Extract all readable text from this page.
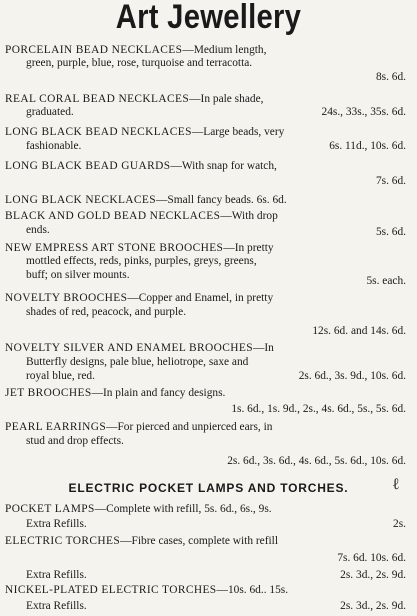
Art Jewellery
PORCELAIN BEAD NECKLACES—Medium length,
green, purple, blue, rose, turquoise and terracotta.
8s. 6d.
REAL CORAL BEAD NECKLACES—In pale shade,
graduated.	24s., 33s., 35s. 6d.
LONG BLACK BEAD NECKLACES—Large beads, very
fashionable.	6s. 11d., 10s. 6d.
LONG BLACK BEAD GUARDS—With snap for watch,
7s. 6d.
LONG BLACK NECKLACES—Small fancy beads. 6s. 6d.
BLACK AND GOLD BEAD NECKLACES—With drop
ends.	5s. 6d.
NEW EMPRESS ART STONE BROOCHES—In pretty
mottled effects, reds, pinks, purples, greys, greens,
buff; on silver mounts.	5s. each.
NOVELTY BROOCHES—Copper and Enamel, in pretty
shades of red, peacock, and purple.
12s. 6d. and 14s. 6d.
NOVELTY SILVER AND ENAMEL BROOCHES—In
Butterfly designs, pale blue, heliotrope, saxe and
royal blue, red.	2s. 6d., 3s. 9d., 10s. 6d.
JET BROOCHES—In plain and fancy designs.
1s. 6d., 1s. 9d., 2s., 4s. 6d., 5s., 5s. 6d.
PEARL EARRINGS—For pierced and unpierced ears, in
stud and drop effects.
2s. 6d., 3s. 6d., 4s. 6d., 5s. 6d., 10s. 6d.
ELECTRIC POCKET LAMPS AND TORCHES.	ℓ
POCKET LAMPS—Complete with refill, 5s. 6d., 6s., 9s.
Extra Refills.	2s.
ELECTRIC TORCHES—Fibre cases, complete with refill
7s. 6d. 10s. 6d.
Extra Refills.	2s. 3d., 2s. 9d.
NICKEL-PLATED ELECTRIC TORCHES—10s. 6d.. 15s.
Extra Refills.	2s. 3d., 2s. 9d.
